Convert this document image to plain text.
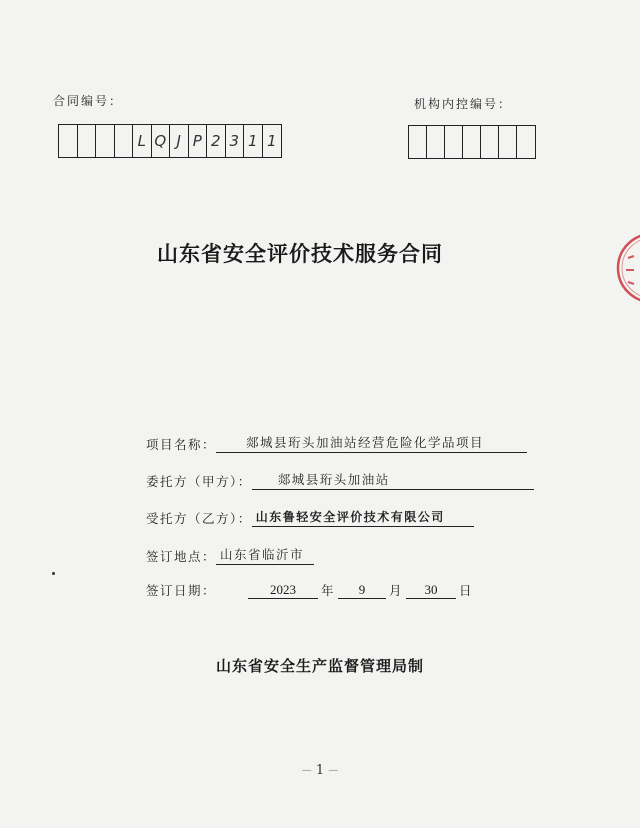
合同编号：
L Q J P 2 3 1 1
机构内控编号：
山东省安全评价技术服务合同
项目名称：	郯城县珩头加油站经营危险化学品项目
委托方（甲方）：	郯城县珩头加油站
受托方（乙方）： 山东鲁轻安全评价技术有限公司
签订地点： 山东省临沂市
签订日期：	2023	年	9	月	30	日
山东省安全生产监督管理局制
— 1 —
